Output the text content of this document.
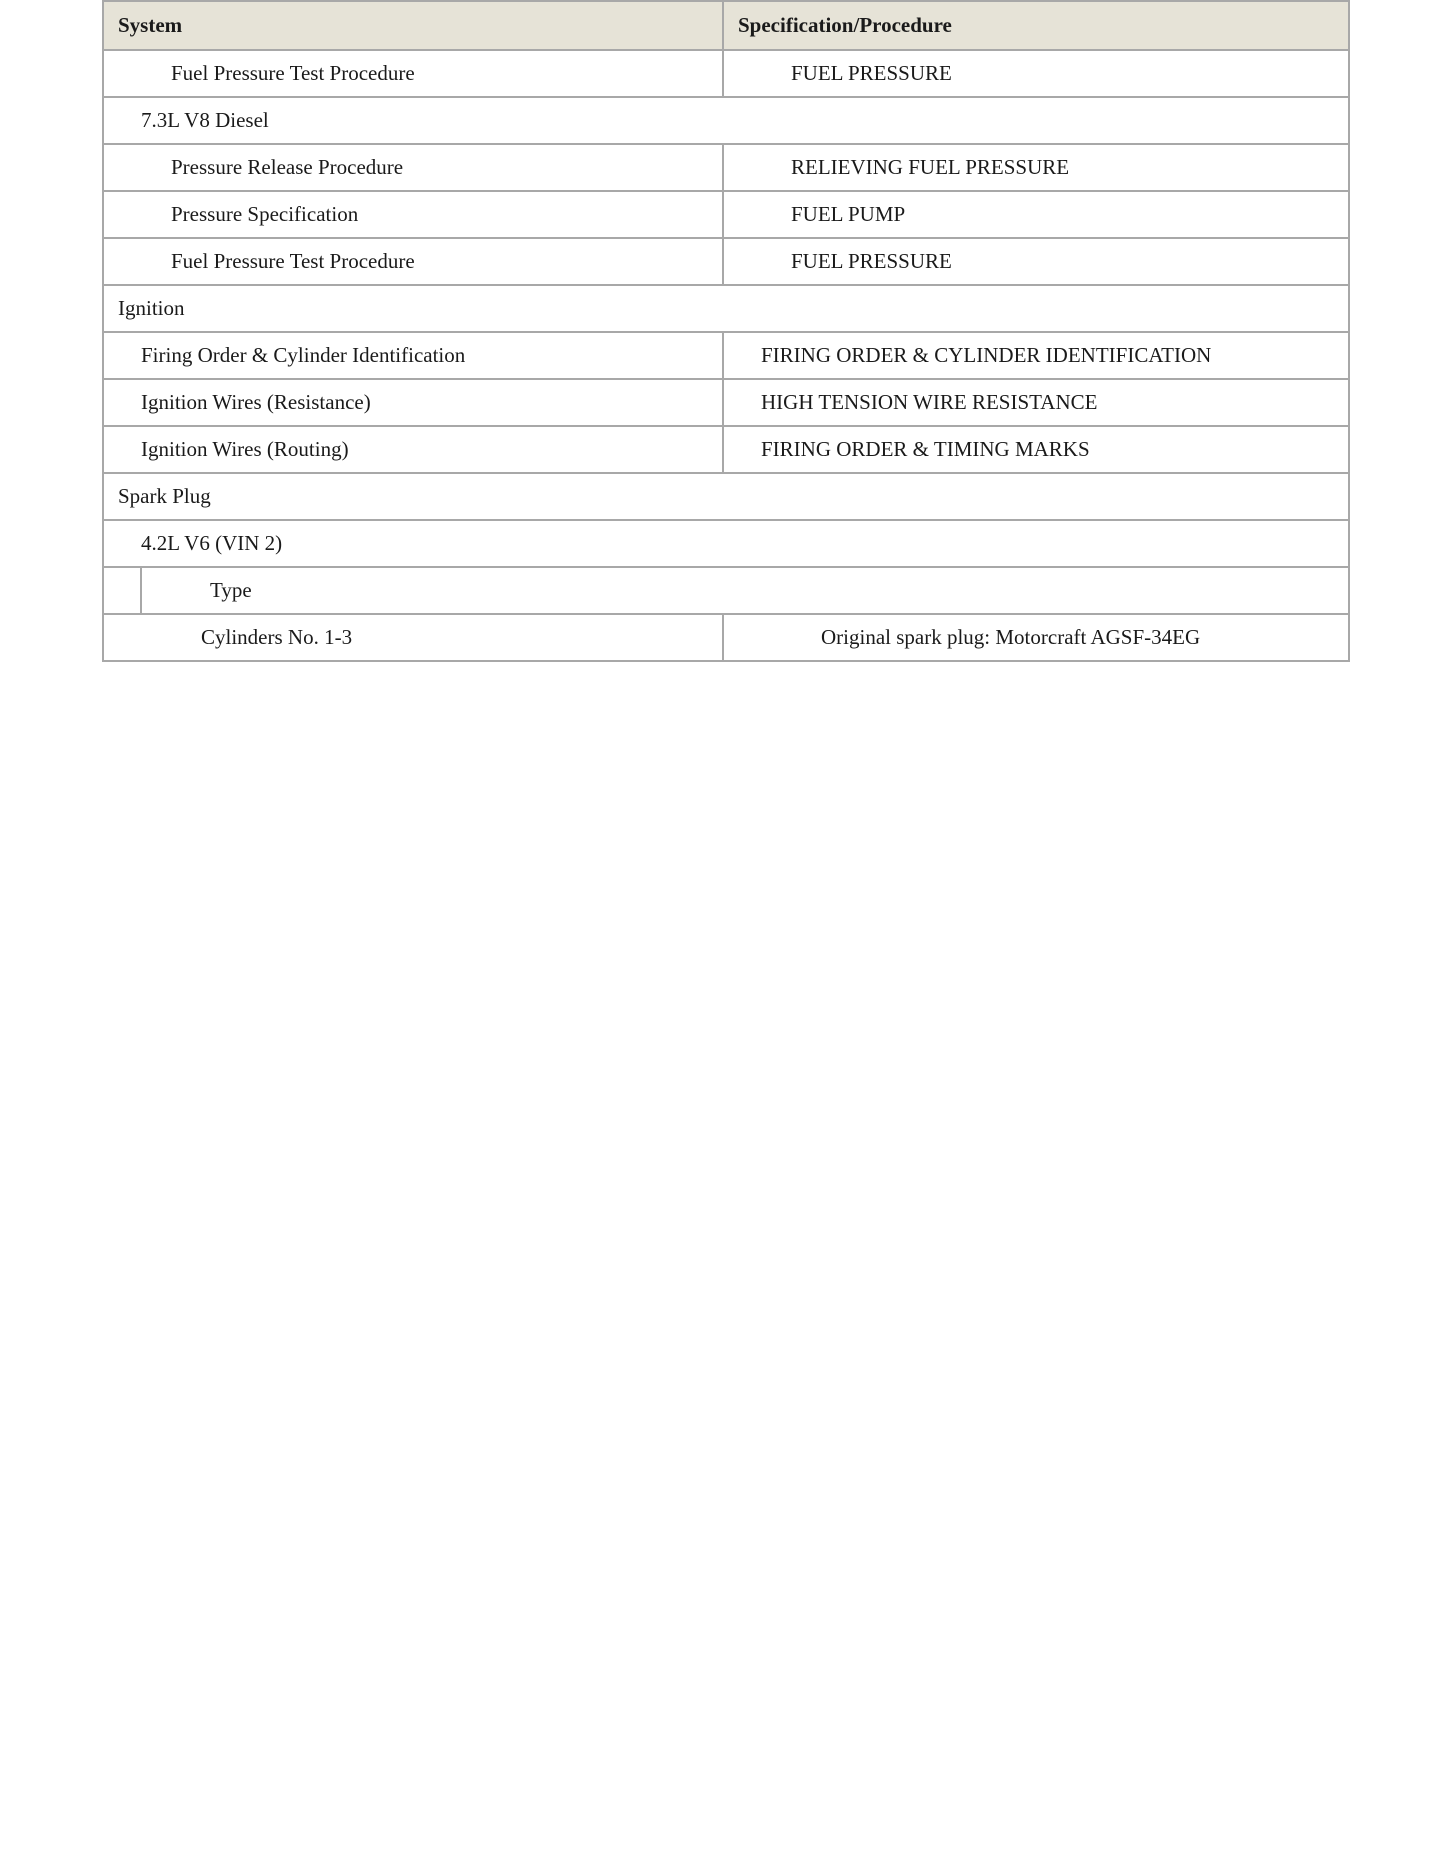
System	Specification/Procedure
Fuel Pressure Test Procedure	FUEL PRESSURE
7.3L V8 Diesel	
Pressure Release Procedure	RELIEVING FUEL PRESSURE
Pressure Specification	FUEL PUMP
Fuel Pressure Test Procedure	FUEL PRESSURE
Ignition	
Firing Order & Cylinder Identification	FIRING ORDER & CYLINDER IDENTIFICATION
Ignition Wires (Resistance)	HIGH TENSION WIRE RESISTANCE
Ignition Wires (Routing)	FIRING ORDER & TIMING MARKS
Spark Plug	
4.2L V6 (VIN 2)	

Type	

Cylinders No. 1-3	Original spark plug: Motorcraft AGSF-34EG
